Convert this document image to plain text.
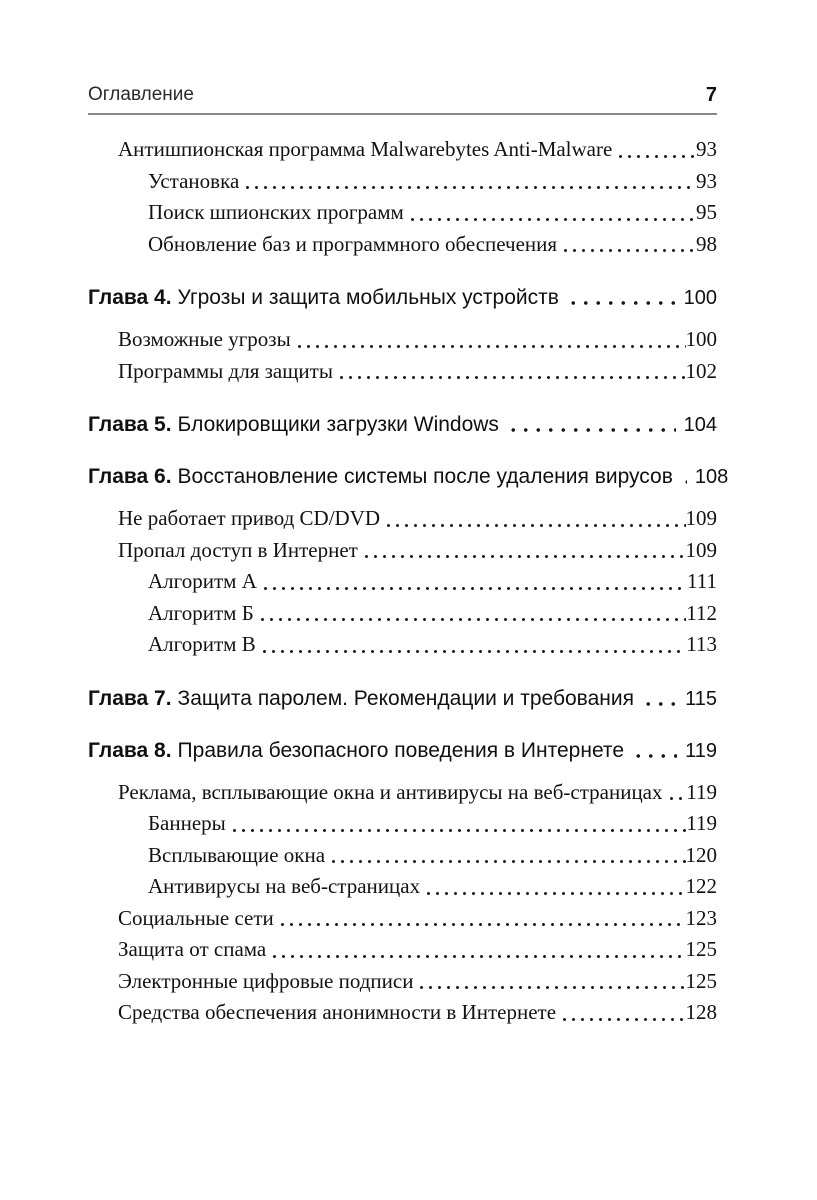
Оглавление	7
Антишпионская программа Malwarebytes Anti-Malware	93
Установка	93
Поиск шпионских программ	95
Обновление баз и программного обеспечения	98
Глава 4. Угрозы и защита мобильных устройств	100
Возможные угрозы	100
Программы для защиты	102
Глава 5. Блокировщики загрузки Windows	104
Глава 6. Восстановление системы после удаления вирусов 108
Не работает привод CD/DVD	109
Пропал доступ в Интернет	109
Алгоритм А	111
Алгоритм Б	112
Алгоритм В	113
Глава 7. Защита паролем. Рекомендации и требования	115
Глава 8. Правила безопасного поведения в Интернете	119
Реклама, всплывающие окна и антивирусы на веб-страницах 119
Баннеры	119
Всплывающие окна	120
Антивирусы на веб-страницах	122
Социальные сети	123
Защита от спама	125
Электронные цифровые подписи	125
Средства обеспечения анонимности в Интернете	128
